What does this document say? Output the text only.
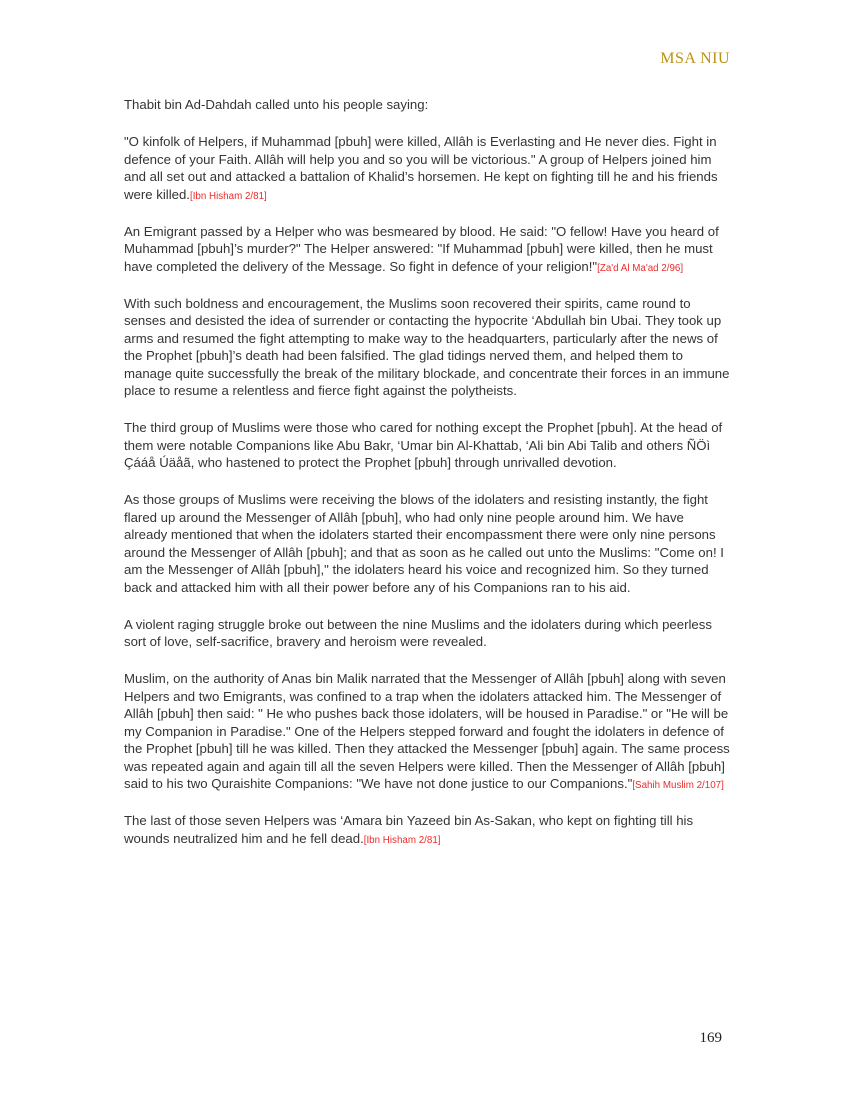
MSA NIU

Thabit bin Ad-Dahdah called unto his people saying:

"O kinfolk of Helpers, if Muhammad [pbuh] were killed, Allâh is Everlasting and He never dies. Fight in defence of your Faith. Allâh will help you and so you will be victorious." A group of Helpers joined him and all set out and attacked a battalion of Khalid’s horsemen. He kept on fighting till he and his friends were killed.[Ibn Hisham 2/81]

An Emigrant passed by a Helper who was besmeared by blood. He said: "O fellow! Have you heard of Muhammad [pbuh]’s murder?" The Helper answered: "If Muhammad [pbuh] were killed, then he must have completed the delivery of the Message. So fight in defence of your religion!"[Za'd Al Ma'ad 2/96]

With such boldness and encouragement, the Muslims soon recovered their spirits, came round to senses and desisted the idea of surrender or contacting the hypocrite ‘Abdullah bin Ubai. They took up arms and resumed the fight attempting to make way to the headquarters, particularly after the news of the Prophet [pbuh]’s death had been falsified. The glad tidings nerved them, and helped them to manage quite successfully the break of the military blockade, and concentrate their forces in an immune place to resume a relentless and fierce fight against the polytheists.

The third group of Muslims were those who cared for nothing except the Prophet [pbuh]. At the head of them were notable Companions like Abu Bakr, ‘Umar bin Al-Khattab, ‘Ali bin Abi Talib and others ÑÖì Çááå Úäåã, who hastened to protect the Prophet [pbuh] through unrivalled devotion.

As those groups of Muslims were receiving the blows of the idolaters and resisting instantly, the fight flared up around the Messenger of Allâh [pbuh], who had only nine people around him. We have already mentioned that when the idolaters started their encompassment there were only nine persons around the Messenger of Allâh [pbuh]; and that as soon as he called out unto the Muslims: "Come on! I am the Messenger of Allâh [pbuh]," the idolaters heard his voice and recognized him. So they turned back and attacked him with all their power before any of his Companions ran to his aid.

A violent raging struggle broke out between the nine Muslims and the idolaters during which peerless sort of love, self-sacrifice, bravery and heroism were revealed.

Muslim, on the authority of Anas bin Malik narrated that the Messenger of Allâh [pbuh] along with seven Helpers and two Emigrants, was confined to a trap when the idolaters attacked him. The Messenger of Allâh [pbuh] then said: " He who pushes back those idolaters, will be housed in Paradise." or "He will be my Companion in Paradise." One of the Helpers stepped forward and fought the idolaters in defence of the Prophet [pbuh] till he was killed. Then they attacked the Messenger [pbuh] again. The same process was repeated again and again till all the seven Helpers were killed. Then the Messenger of Allâh [pbuh] said to his two Quraishite Companions: "We have not done justice to our Companions."[Sahih Muslim 2/107]

The last of those seven Helpers was ‘Amara bin Yazeed bin As-Sakan, who kept on fighting till his wounds neutralized him and he fell dead.[Ibn Hisham 2/81]

169
